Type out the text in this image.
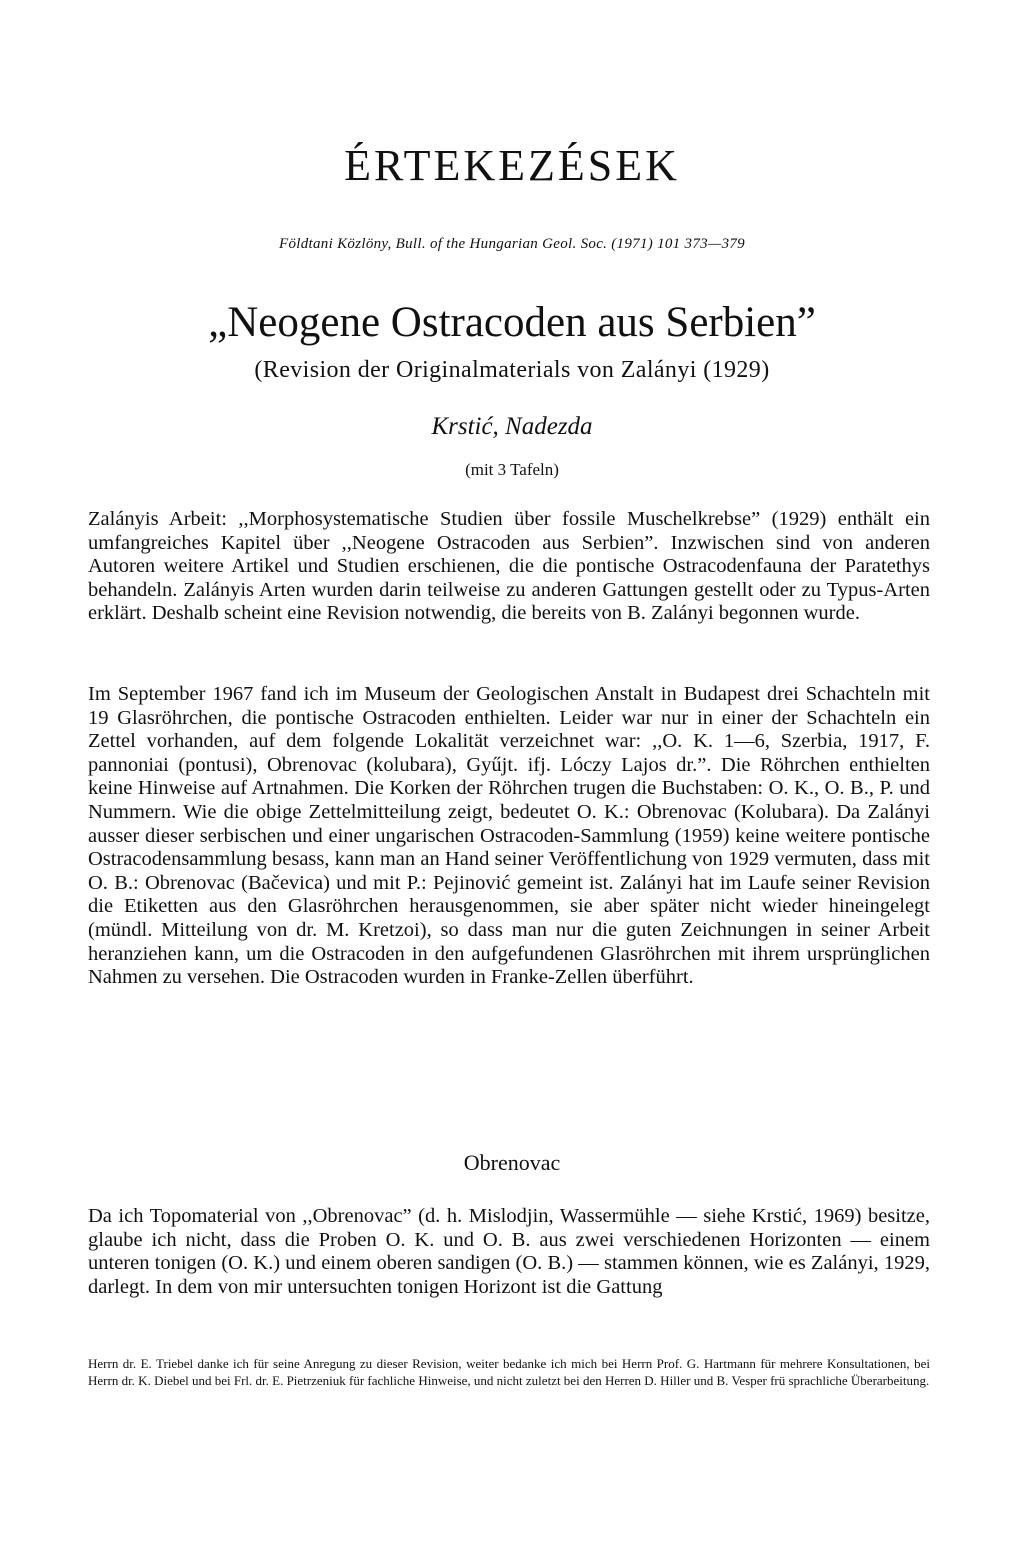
ÉRTEKEZÉSEK
Földtani Közlöny, Bull. of the Hungarian Geol. Soc. (1971) 101 373—379
„Neogene Ostracoden aus Serbien”
(Revision der Originalmaterials von Zalányi (1929)
Krstić, Nadezda
(mit 3 Tafeln)

Zalányis Arbeit: ,,Morphosystematische Studien über fossile Muschelkrebse” (1929) enthält ein umfangreiches Kapitel über ,,Neogene Ostracoden aus Serbien”. Inzwischen sind von anderen Autoren weitere Artikel und Studien erschienen, die die pontische Ostracodenfauna der Paratethys behandeln. Zalányis Arten wurden darin teilweise zu anderen Gattungen gestellt oder zu Typus-Arten erklärt. Deshalb scheint eine Revision notwendig, die bereits von B. Zalányi begonnen wurde.

Im September 1967 fand ich im Museum der Geologischen Anstalt in Budapest drei Schachteln mit 19 Glasröhrchen, die pontische Ostracoden enthielten. Leider war nur in einer der Schachteln ein Zettel vorhanden, auf dem folgende Lokalität verzeichnet war: ,,O. K. 1—6, Szerbia, 1917, F. pannoniai (pontusi), Obrenovac (kolubara), Gyűjt. ifj. Lóczy Lajos dr.”. Die Röhrchen enthielten keine Hinweise auf Artnahmen. Die Korken der Röhrchen trugen die Buchstaben: O. K., O. B., P. und Nummern. Wie die obige Zettelmitteilung zeigt, bedeutet O. K.: Obrenovac (Kolubara). Da Zalányi ausser dieser serbischen und einer ungarischen Ostracoden-Sammlung (1959) keine weitere pontische Ostracodensammlung besass, kann man an Hand seiner Veröffentlichung von 1929 vermuten, dass mit O. B.: Obrenovac (Bačevica) und mit P.: Pejinović gemeint ist. Zalányi hat im Laufe seiner Revision die Etiketten aus den Glasröhrchen herausgenommen, sie aber später nicht wieder hineingelegt (mündl. Mitteilung von dr. M. Kretzoi), so dass man nur die guten Zeichnungen in seiner Arbeit heranziehen kann, um die Ostracoden in den aufgefundenen Glasröhrchen mit ihrem ursprünglichen Nahmen zu versehen. Die Ostracoden wurden in Franke-Zellen überführt.

Obrenovac

Da ich Topomaterial von ,,Obrenovac” (d. h. Mislodjin, Wassermühle — siehe Krstić, 1969) besitze, glaube ich nicht, dass die Proben O. K. und O. B. aus zwei verschiedenen Horizonten — einem unteren tonigen (O. K.) und einem oberen sandigen (O. B.) — stammen können, wie es Zalányi, 1929, darlegt. In dem von mir untersuchten tonigen Horizont ist die Gattung

Herrn dr. E. Triebel danke ich für seine Anregung zu dieser Revision, weiter bedanke ich mich bei Herrn Prof. G. Hartmann für mehrere Konsultationen, bei Herrn dr. K. Diebel und bei Frl. dr. E. Pietrzeniuk für fachliche Hinweise, und nicht zuletzt bei den Herren D. Hiller und B. Vesper frü sprachliche Überarbeitung.
